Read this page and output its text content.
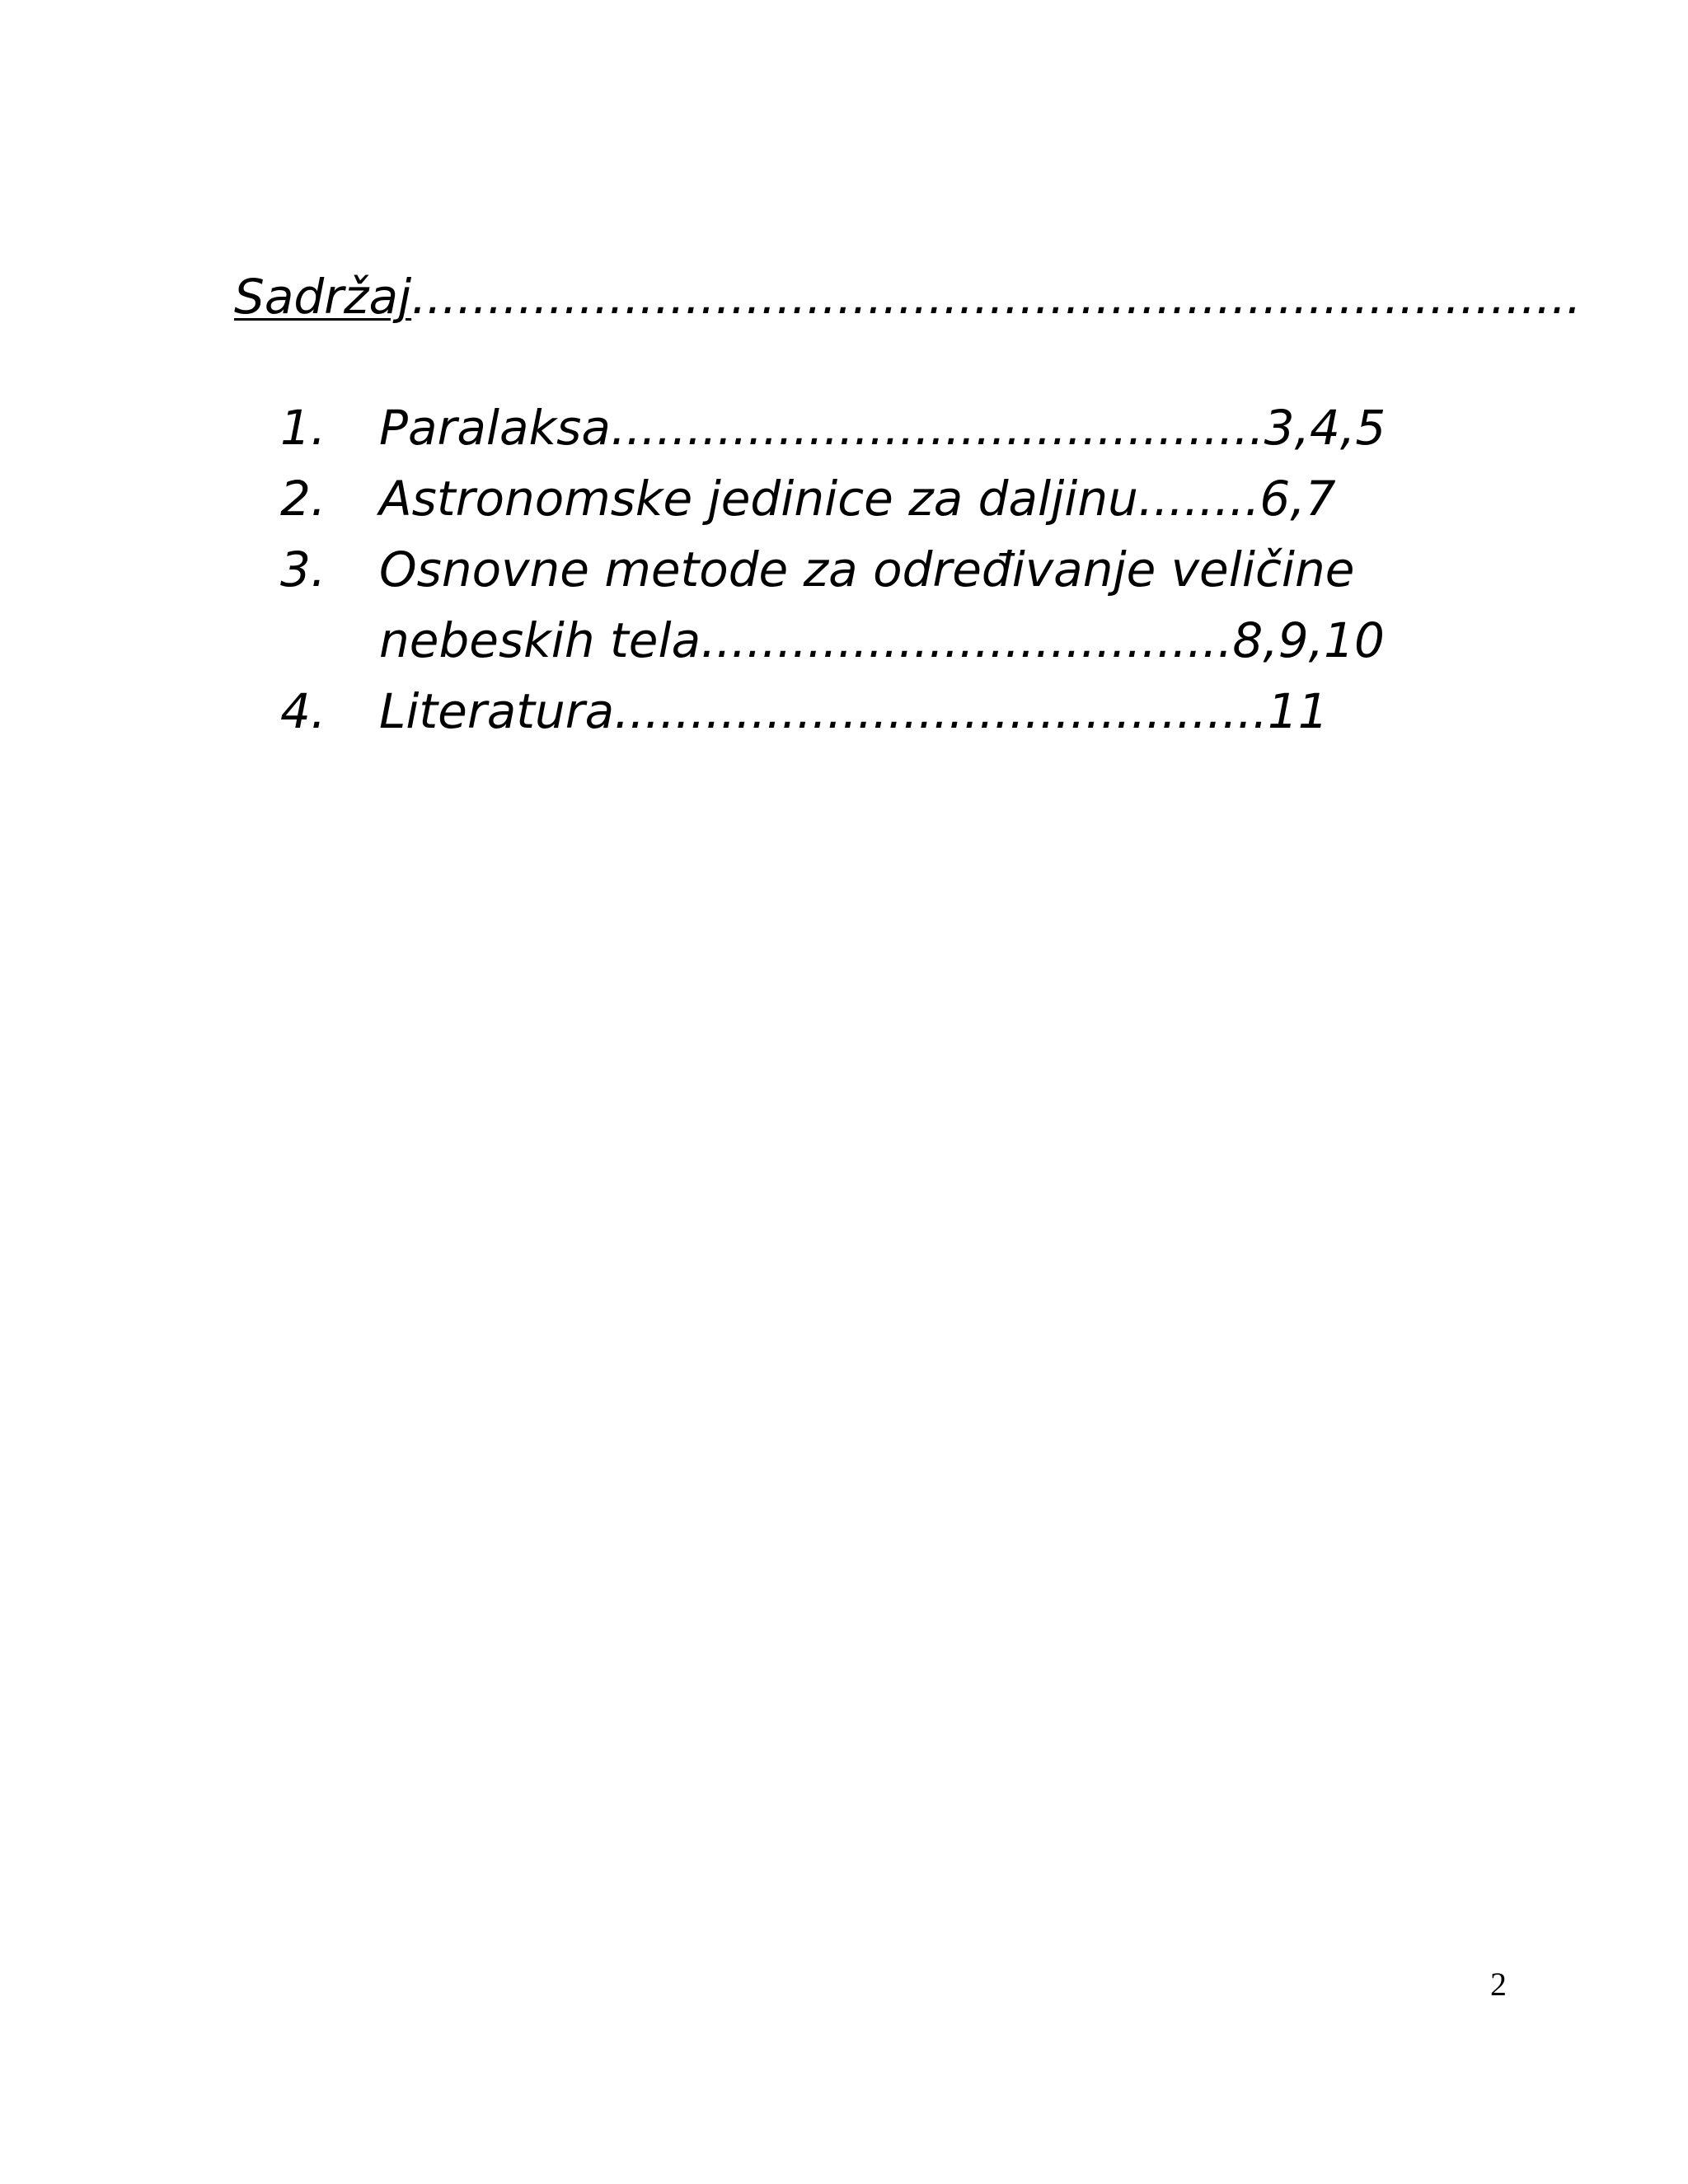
Sadržaj.............................................................................
1. Paralaksa...........................................3,4,5
2. Astronomske jedinice za daljinu........6,7
3. Osnovne metode za određivanje veličine
nebeskih tela...................................8,9,10
4. Literatura...........................................11
2
